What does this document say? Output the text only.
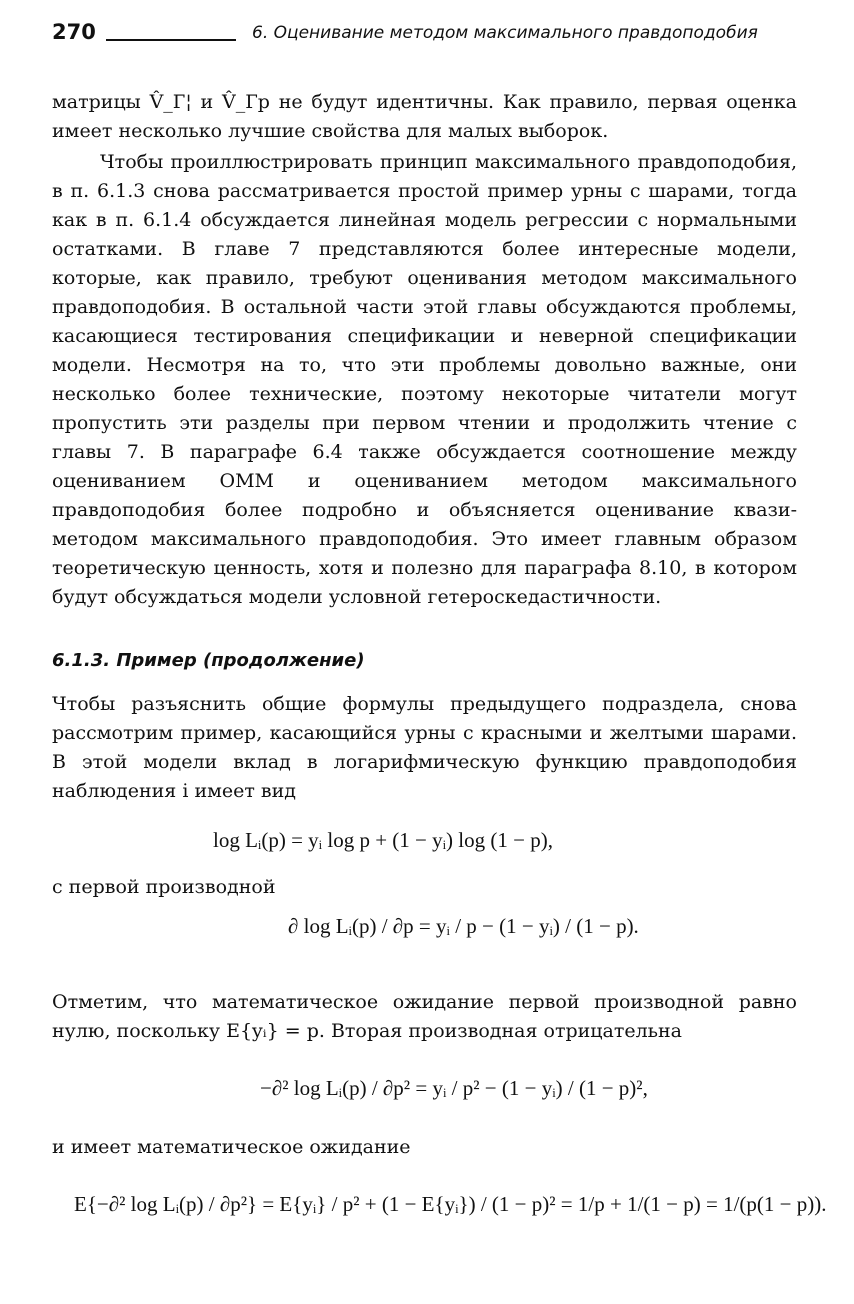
270	6. Оценивание методом максимального правдоподобия

матрицы V̂_Г¦ и V̂_Гр не будут идентичны. Как правило, первая оценка имеет несколько лучшие свойства для малых выборок.

Чтобы проиллюстрировать принцип максимального правдоподобия, в п. 6.1.3 снова рассматривается простой пример урны с шарами, тогда как в п. 6.1.4 обсуждается линейная модель регрессии с нормальными остатками. В главе 7 представляются более интересные модели, которые, как правило, требуют оценивания методом максимального правдоподобия. В остальной части этой главы обсуждаются проблемы, касающиеся тестирования спецификации и неверной спецификации модели. Несмотря на то, что эти проблемы довольно важные, они несколько более технические, поэтому некоторые читатели могут пропустить эти разделы при первом чтении и продолжить чтение с главы 7. В параграфе 6.4 также обсуждается соотношение между оцениванием ОММ и оцениванием методом максимального правдоподобия более подробно и объясняется оценивание квази- методом максимального правдоподобия. Это имеет главным образом теоретическую ценность, хотя и полезно для параграфа 8.10, в котором будут обсуждаться модели условной гетероскедастичности.

6.1.3. Пример (продолжение)

Чтобы разъяснить общие формулы предыдущего подраздела, снова рассмотрим пример, касающийся урны с красными и желтыми шарами. В этой модели вклад в логарифмическую функцию правдоподобия наблюдения i имеет вид

log Lᵢ(p) = yᵢ log p + (1 − yᵢ) log (1 − p),
с первой производной
∂ log Lᵢ(p) / ∂p = yᵢ / p − (1 − yᵢ) / (1 − p).

Отметим, что математическое ожидание первой производной равно нулю, поскольку E{yᵢ} = p. Вторая производная отрицательна

−∂² log Lᵢ(p) / ∂p² = yᵢ / p² − (1 − yᵢ) / (1 − p)²,
и имеет математическое ожидание
E{−∂² log Lᵢ(p) / ∂p²} = E{yᵢ} / p² + (1 − E{yᵢ}) / (1 − p)² = 1/p + 1/(1 − p) = 1/(p(1 − p)).
